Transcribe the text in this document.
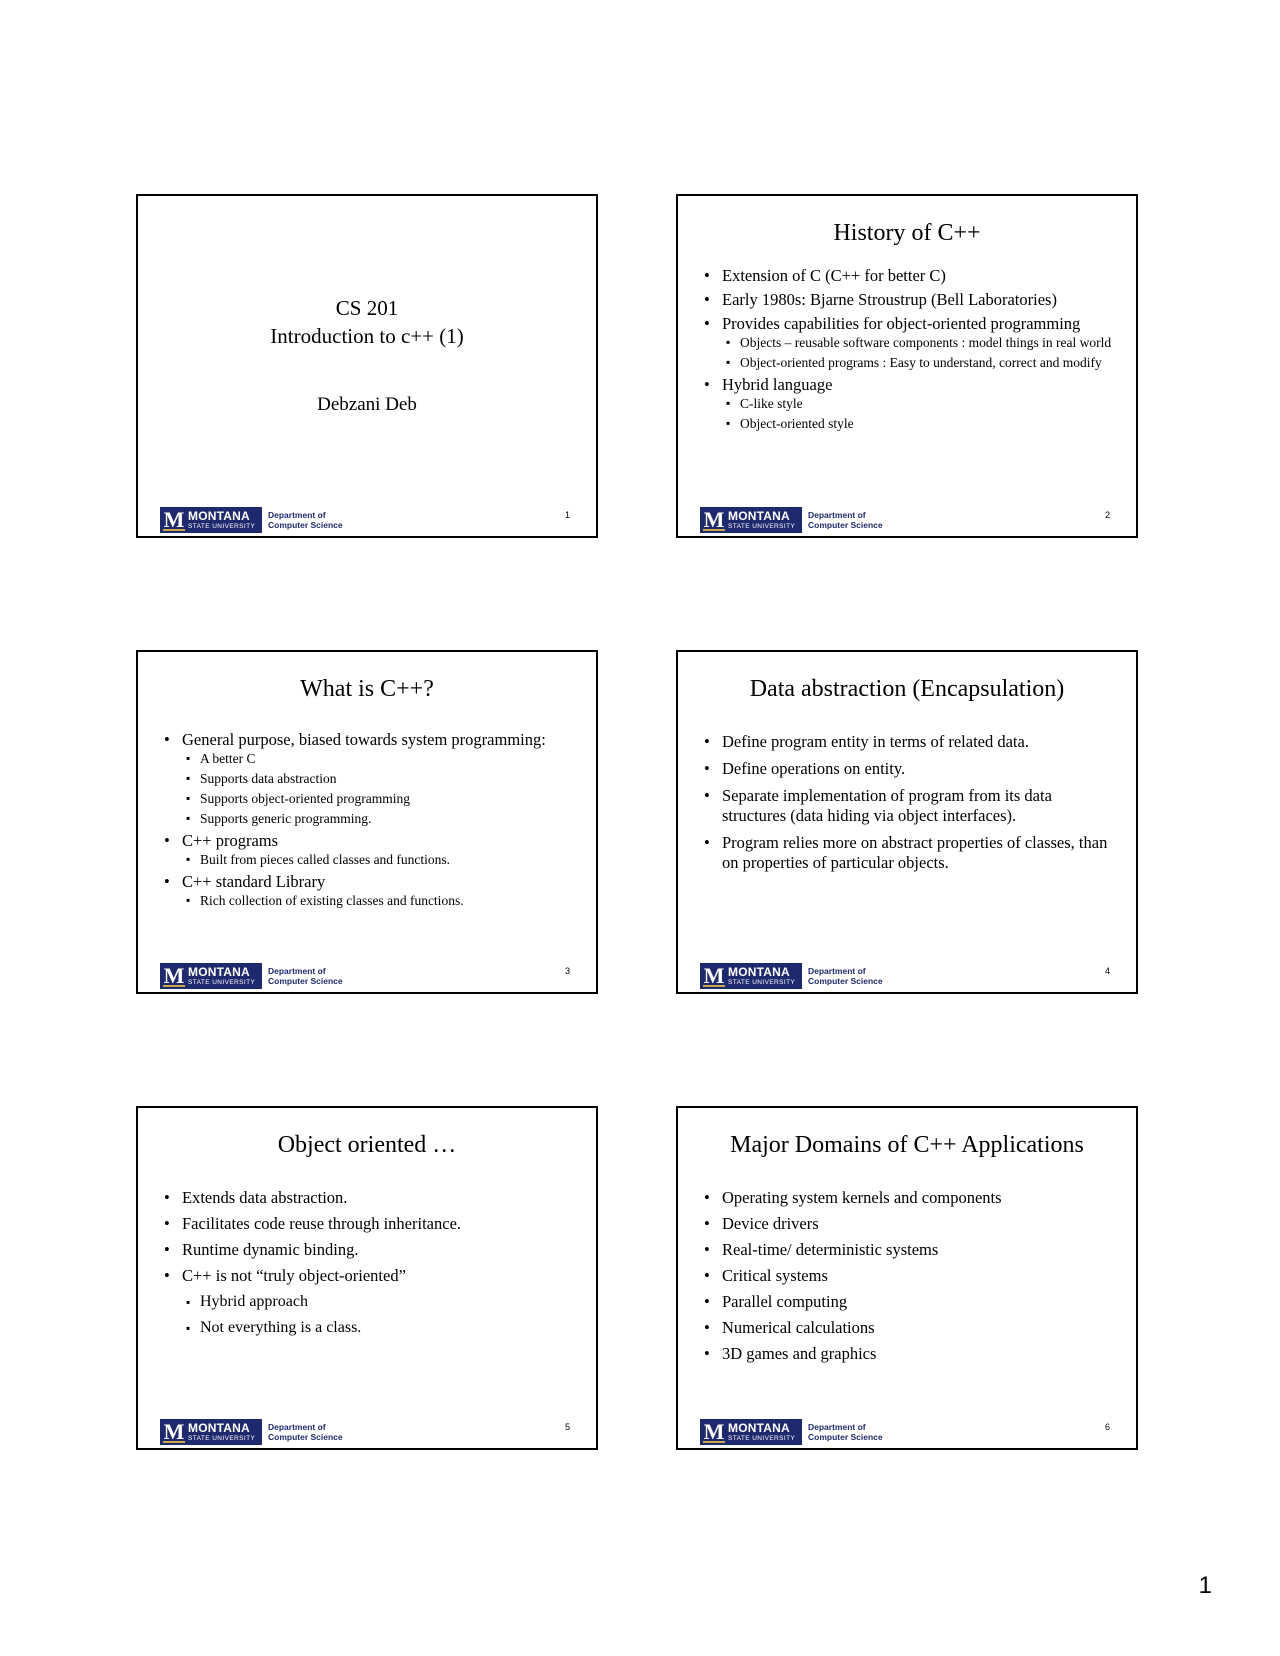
CS 201
Introduction to c++ (1)
Debzani Deb
M MONTANA
STATE UNIVERSITY
Department of
Computer Science
1
History of C++
• Extension of C (C++ for better C)
• Early 1980s: Bjarne Stroustrup (Bell Laboratories)
• Provides capabilities for object-oriented programming
▪ Objects – reusable software components : model things in real world
▪ Object-oriented programs : Easy to understand, correct and modify
• Hybrid language
▪ C-like style
▪ Object-oriented style
M MONTANA
STATE UNIVERSITY
Department of
Computer Science
2
What is C++?
• General purpose, biased towards system programming:
▪ A better C
▪ Supports data abstraction
▪ Supports object-oriented programming
▪ Supports generic programming.
• C++ programs
▪ Built from pieces called classes and functions.
• C++ standard Library
▪ Rich collection of existing classes and functions.
M MONTANA
STATE UNIVERSITY
Department of
Computer Science
3
Data abstraction (Encapsulation)
• Define program entity in terms of related data.
• Define operations on entity.
• Separate implementation of program from its data structures (data hiding via object interfaces).
• Program relies more on abstract properties of classes, than on properties of particular objects.
M MONTANA
STATE UNIVERSITY
Department of
Computer Science
4
Object oriented …
• Extends data abstraction.
• Facilitates code reuse through inheritance.
• Runtime dynamic binding.
• C++ is not “truly object-oriented”
▪ Hybrid approach
▪ Not everything is a class.
M MONTANA
STATE UNIVERSITY
Department of
Computer Science
5
Major Domains of C++ Applications
• Operating system kernels and components
• Device drivers
• Real-time/ deterministic systems
• Critical systems
• Parallel computing
• Numerical calculations
• 3D games and graphics
M MONTANA
STATE UNIVERSITY
Department of
Computer Science
6
1
